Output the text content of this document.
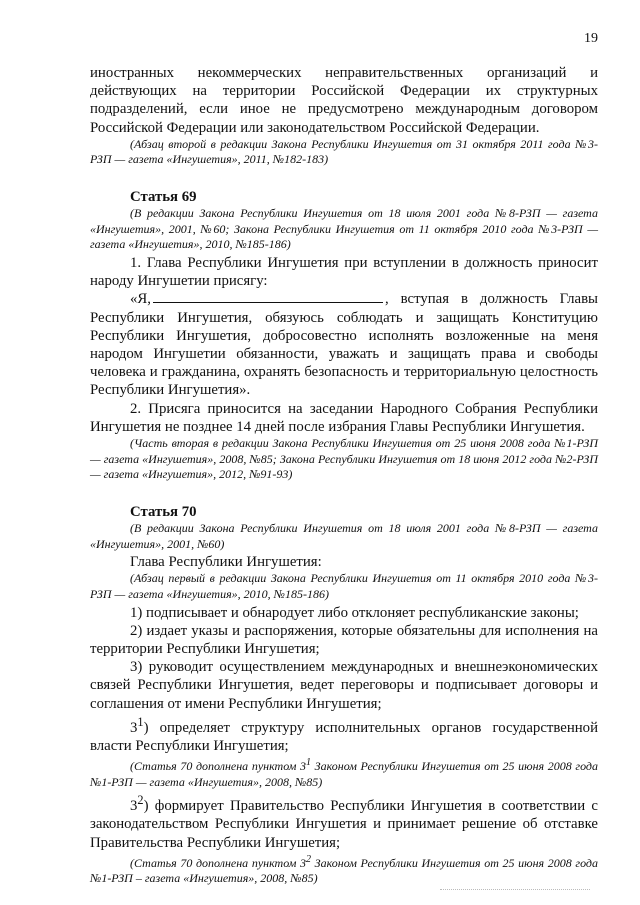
19

иностранных некоммерческих неправительственных организаций и действующих на территории Российской Федерации их структурных подразделений, если иное не предусмотрено международным договором Российской Федерации или законодательством Российской Федерации.

(Абзац второй в редакции Закона Республики Ингушетия от 31 октября 2011 года №3-РЗП — газета «Ингушетия», 2011, №182-183)

Статья 69

(В редакции Закона Республики Ингушетия от 18 июля 2001 года №8-РЗП — газета «Ингушетия», 2001, №60; Закона Республики Ингушетия от 11 октября 2010 года №3-РЗП — газета «Ингушетия», 2010, №185-186)

1. Глава Республики Ингушетия при вступлении в должность приносит народу Ингушетии присягу:

«Я,	, вступая в должность Главы Республики Ингушетия, обязуюсь соблюдать и защищать Конституцию Республики Ингушетия, добросовестно исполнять возложенные на меня народом Ингушетии обязанности, уважать и защищать права и свободы человека и гражданина, охранять безопасность и территориальную целостность Республики Ингушетия».

2. Присяга приносится на заседании Народного Собрания Республики Ингушетия не позднее 14 дней после избрания Главы Республики Ингушетия.

(Часть вторая в редакции Закона Республики Ингушетия от 25 июня 2008 года №1-РЗП — газета «Ингушетия», 2008, №85; Закона Республики Ингушетия от 18 июня 2012 года №2-РЗП — газета «Ингушетия», 2012, №91-93)

Статья 70

(В редакции Закона Республики Ингушетия от 18 июля 2001 года №8-РЗП — газета «Ингушетия», 2001, №60)

Глава Республики Ингушетия:

(Абзац первый в редакции Закона Республики Ингушетия от 11 октября 2010 года №3-РЗП — газета «Ингушетия», 2010, №185-186)

1) подписывает и обнародует либо отклоняет республиканские законы;

2) издает указы и распоряжения, которые обязательны для исполнения на территории Республики Ингушетия;

3) руководит осуществлением международных и внешнеэкономических связей Республики Ингушетия, ведет переговоры и подписывает договоры и соглашения от имени Республики Ингушетия;

$3^1$) определяет структуру исполнительных органов государственной власти Республики Ингушетия;

(Статья 70 дополнена пунктом $3^1$ Законом Республики Ингушетия от 25 июня 2008 года №1-РЗП — газета «Ингушетия», 2008, №85)

$3^2$) формирует Правительство Республики Ингушетия в соответствии с законодательством Республики Ингушетия и принимает решение об отставке Правительства Республики Ингушетия;

(Статья 70 дополнена пунктом $3^2$ Законом Республики Ингушетия от 25 июня 2008 года №1-РЗП – газета «Ингушетия», 2008, №85)
